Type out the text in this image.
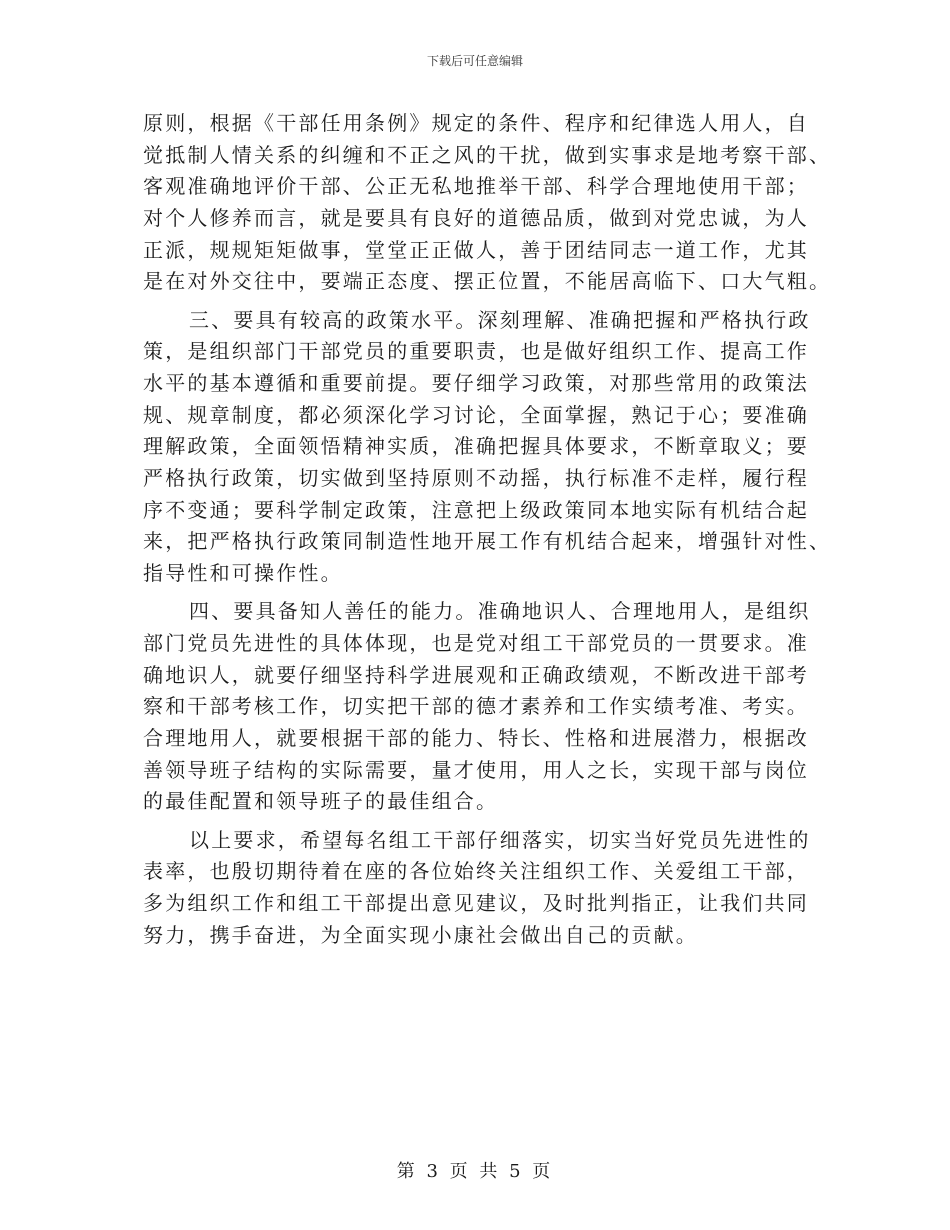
下载后可任意编辑

原则，根据《干部任用条例》规定的条件、程序和纪律选人用人，自
觉抵制人情关系的纠缠和不正之风的干扰，做到实事求是地考察干部、
客观准确地评价干部、公正无私地推举干部、科学合理地使用干部；
对个人修养而言，就是要具有良好的道德品质，做到对党忠诚，为人
正派，规规矩矩做事，堂堂正正做人，善于团结同志一道工作，尤其
是在对外交往中，要端正态度、摆正位置，不能居高临下、口大气粗。

三、要具有较高的政策水平。深刻理解、准确把握和严格执行政
策，是组织部门干部党员的重要职责，也是做好组织工作、提高工作
水平的基本遵循和重要前提。要仔细学习政策，对那些常用的政策法
规、规章制度，都必须深化学习讨论，全面掌握，熟记于心；要准确
理解政策，全面领悟精神实质，准确把握具体要求，不断章取义；要
严格执行政策，切实做到坚持原则不动摇，执行标准不走样，履行程
序不变通；要科学制定政策，注意把上级政策同本地实际有机结合起
来，把严格执行政策同制造性地开展工作有机结合起来，增强针对性、
指导性和可操作性。

四、要具备知人善任的能力。准确地识人、合理地用人，是组织
部门党员先进性的具体体现，也是党对组工干部党员的一贯要求。准
确地识人，就要仔细坚持科学进展观和正确政绩观，不断改进干部考
察和干部考核工作，切实把干部的德才素养和工作实绩考准、考实。
合理地用人，就要根据干部的能力、特长、性格和进展潜力，根据改
善领导班子结构的实际需要，量才使用，用人之长，实现干部与岗位
的最佳配置和领导班子的最佳组合。

以上要求，希望每名组工干部仔细落实，切实当好党员先进性的
表率，也殷切期待着在座的各位始终关注组织工作、关爱组工干部，
多为组织工作和组工干部提出意见建议，及时批判指正，让我们共同
努力，携手奋进，为全面实现小康社会做出自己的贡献。

第 3 页 共 5 页
